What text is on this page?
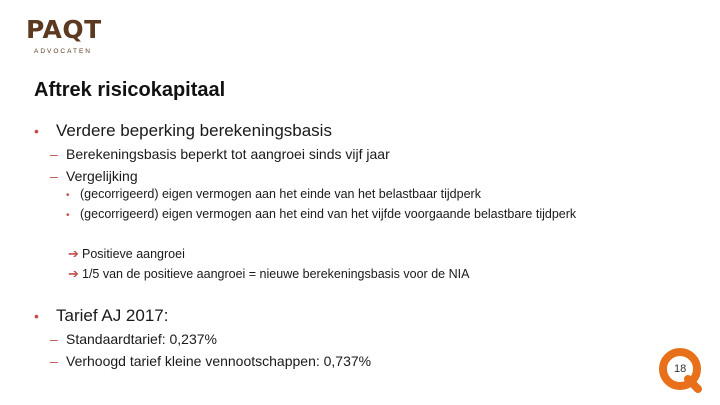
PAQT
ADVOCATEN
Aftrek risicokapitaal
• Verdere beperking berekeningsbasis
– Berekeningsbasis beperkt tot aangroei sinds vijf jaar
– Vergelijking
• (gecorrigeerd) eigen vermogen aan het einde van het belastbaar tijdperk
• (gecorrigeerd) eigen vermogen aan het eind van het vijfde voorgaande belastbare tijdperk
➔ Positieve aangroei
➔ 1/5 van de positieve aangroei = nieuwe berekeningsbasis voor de NIA
• Tarief AJ 2017:
– Standaardtarief: 0,237%
– Verhoogd tarief kleine vennootschappen: 0,737%	18
